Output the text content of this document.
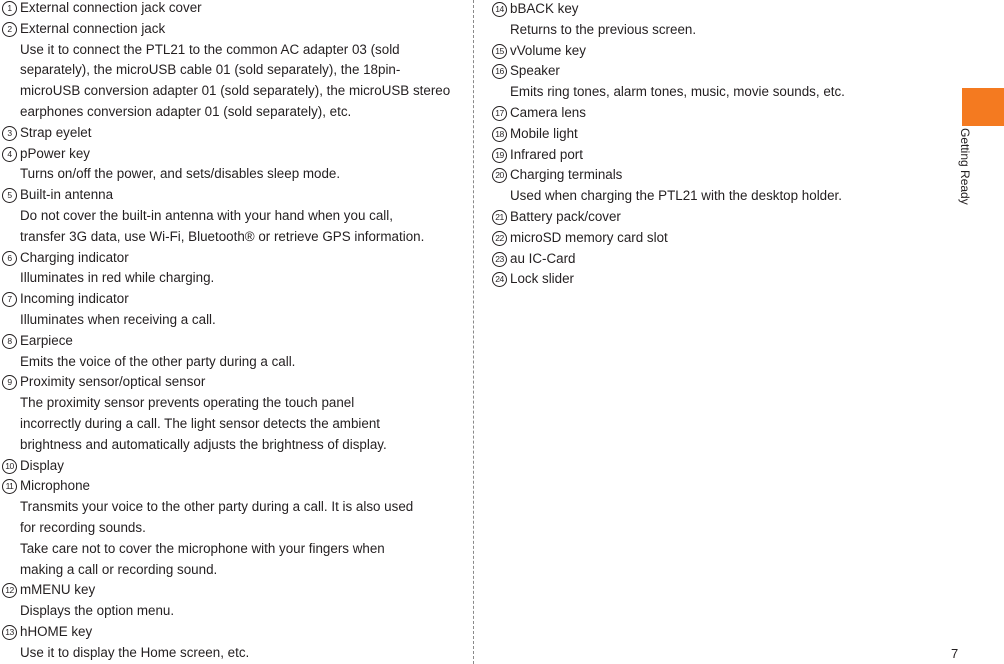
1 External connection jack cover
2 External connection jack
Use it to connect the PTL21 to the common AC adapter 03 (sold
separately), the microUSB cable 01 (sold separately), the 18pin-
microUSB conversion adapter 01 (sold separately), the microUSB stereo
earphones conversion adapter 01 (sold separately), etc.
3 Strap eyelet
4 pPower key
Turns on/off the power, and sets/disables sleep mode.
5 Built-in antenna
Do not cover the built-in antenna with your hand when you call,
transfer 3G data, use Wi-Fi, Bluetooth® or retrieve GPS information.
6 Charging indicator
Illuminates in red while charging.
7 Incoming indicator
Illuminates when receiving a call.
8 Earpiece
Emits the voice of the other party during a call.
9 Proximity sensor/optical sensor
The proximity sensor prevents operating the touch panel
incorrectly during a call. The light sensor detects the ambient
brightness and automatically adjusts the brightness of display.
10 Display
11 Microphone
Transmits your voice to the other party during a call. It is also used
for recording sounds.
Take care not to cover the microphone with your fingers when
making a call or recording sound.
12 mMENU key
Displays the option menu.
13 hHOME key
Use it to display the Home screen, etc.
14 bBACK key
Returns to the previous screen.
15 vVolume key
16 Speaker
Emits ring tones, alarm tones, music, movie sounds, etc.
17 Camera lens
18 Mobile light
19 Infrared port
20 Charging terminals
Used when charging the PTL21 with the desktop holder.
21 Battery pack/cover
22 microSD memory card slot
23 au IC-Card
24 Lock slider
Getting Ready
7
